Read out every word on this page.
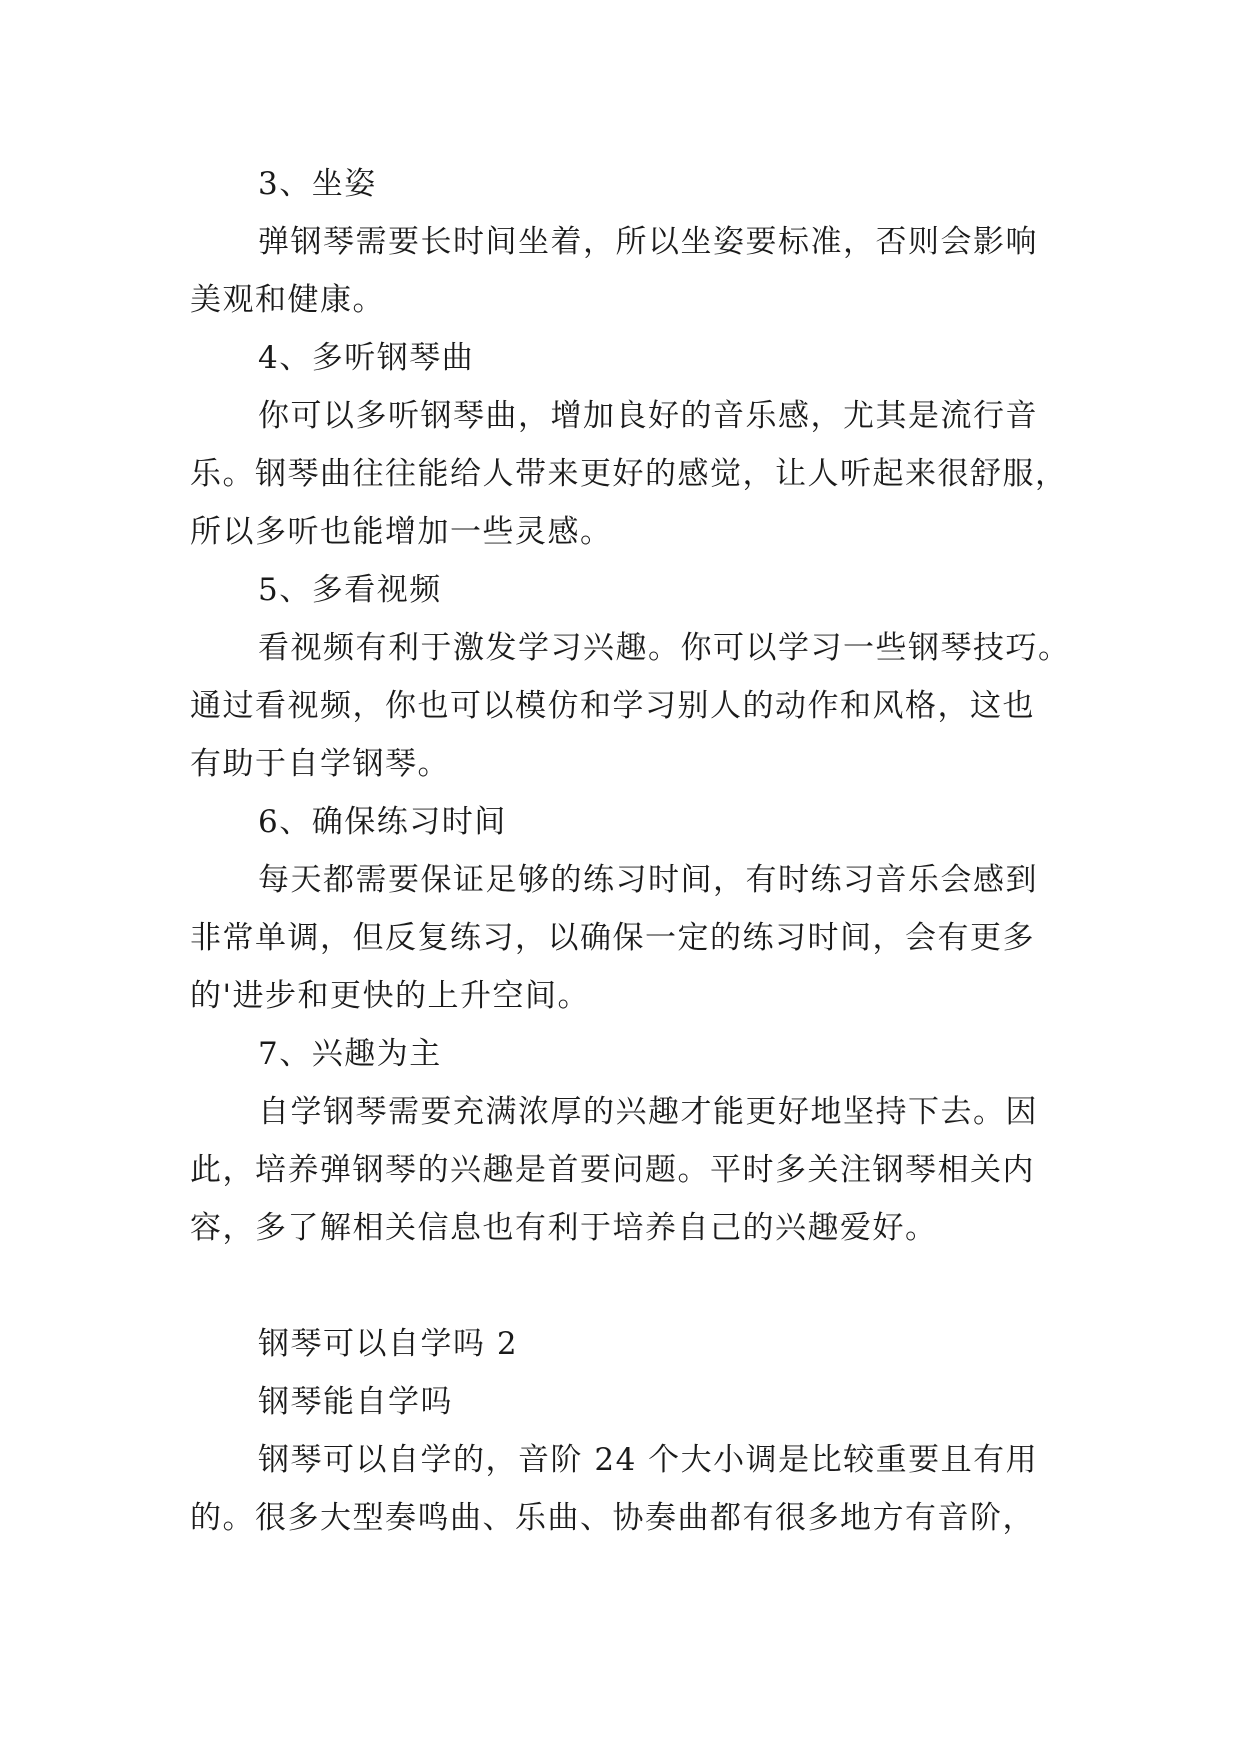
3、坐姿
弹钢琴需要长时间坐着，所以坐姿要标准，否则会影响
美观和健康。
4、多听钢琴曲
你可以多听钢琴曲，增加良好的音乐感，尤其是流行音
乐。钢琴曲往往能给人带来更好的感觉，让人听起来很舒服，
所以多听也能增加一些灵感。
5、多看视频
看视频有利于激发学习兴趣。你可以学习一些钢琴技巧。
通过看视频，你也可以模仿和学习别人的动作和风格，这也
有助于自学钢琴。
6、确保练习时间
每天都需要保证足够的练习时间，有时练习音乐会感到
非常单调，但反复练习，以确保一定的练习时间，会有更多
的'进步和更快的上升空间。
7、兴趣为主
自学钢琴需要充满浓厚的兴趣才能更好地坚持下去。因
此，培养弹钢琴的兴趣是首要问题。平时多关注钢琴相关内
容，多了解相关信息也有利于培养自己的兴趣爱好。
钢琴可以自学吗 2
钢琴能自学吗
钢琴可以自学的，音阶 24 个大小调是比较重要且有用
的。很多大型奏鸣曲、乐曲、协奏曲都有很多地方有音阶，
